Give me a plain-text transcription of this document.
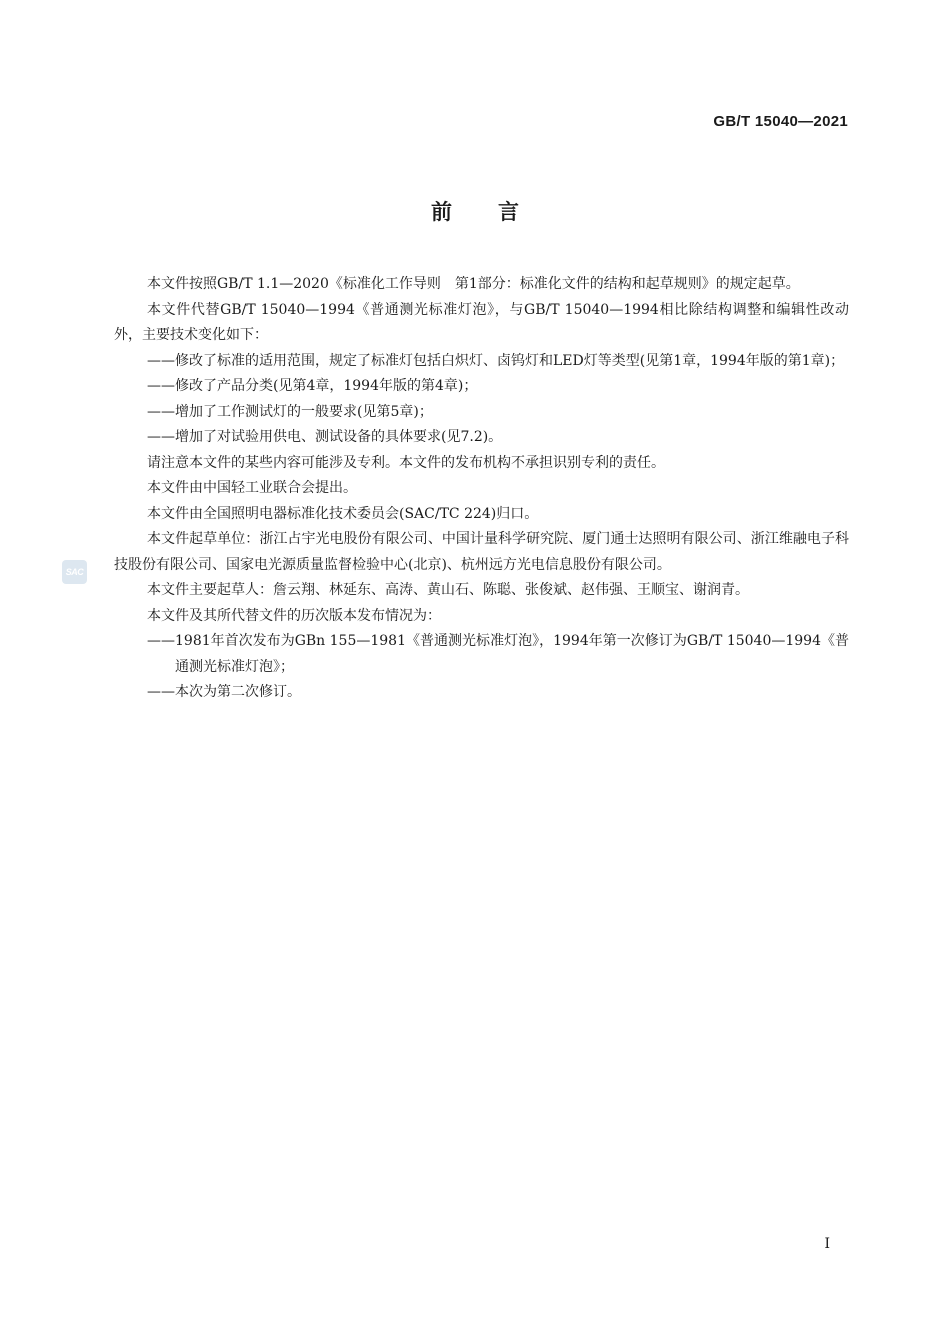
GB/T 15040—2021
前言
SAC

本文件按照GB/T 1.1—2020《标准化工作导则　第1部分：标准化文件的结构和起草规则》的规定起草。

本文件代替GB/T 15040—1994《普通测光标准灯泡》，与GB/T 15040—1994相比除结构调整和编辑性改动外，主要技术变化如下：

——修改了标准的适用范围，规定了标准灯包括白炽灯、卤钨灯和LED灯等类型(见第1章，1994年版的第1章)；

——修改了产品分类(见第4章，1994年版的第4章)；

——增加了工作测试灯的一般要求(见第5章)；

——增加了对试验用供电、测试设备的具体要求(见7.2)。

请注意本文件的某些内容可能涉及专利。本文件的发布机构不承担识别专利的责任。

本文件由中国轻工业联合会提出。

本文件由全国照明电器标准化技术委员会(SAC/TC 224)归口。

本文件起草单位：浙江占宇光电股份有限公司、中国计量科学研究院、厦门通士达照明有限公司、浙江维融电子科技股份有限公司、国家电光源质量监督检验中心(北京)、杭州远方光电信息股份有限公司。

本文件主要起草人：詹云翔、林延东、高涛、黄山石、陈聪、张俊斌、赵伟强、王顺宝、谢润青。

本文件及其所代替文件的历次版本发布情况为：

——1981年首次发布为GBn 155—1981《普通测光标准灯泡》，1994年第一次修订为GB/T 15040—1994《普通测光标准灯泡》；

——本次为第二次修订。

I
